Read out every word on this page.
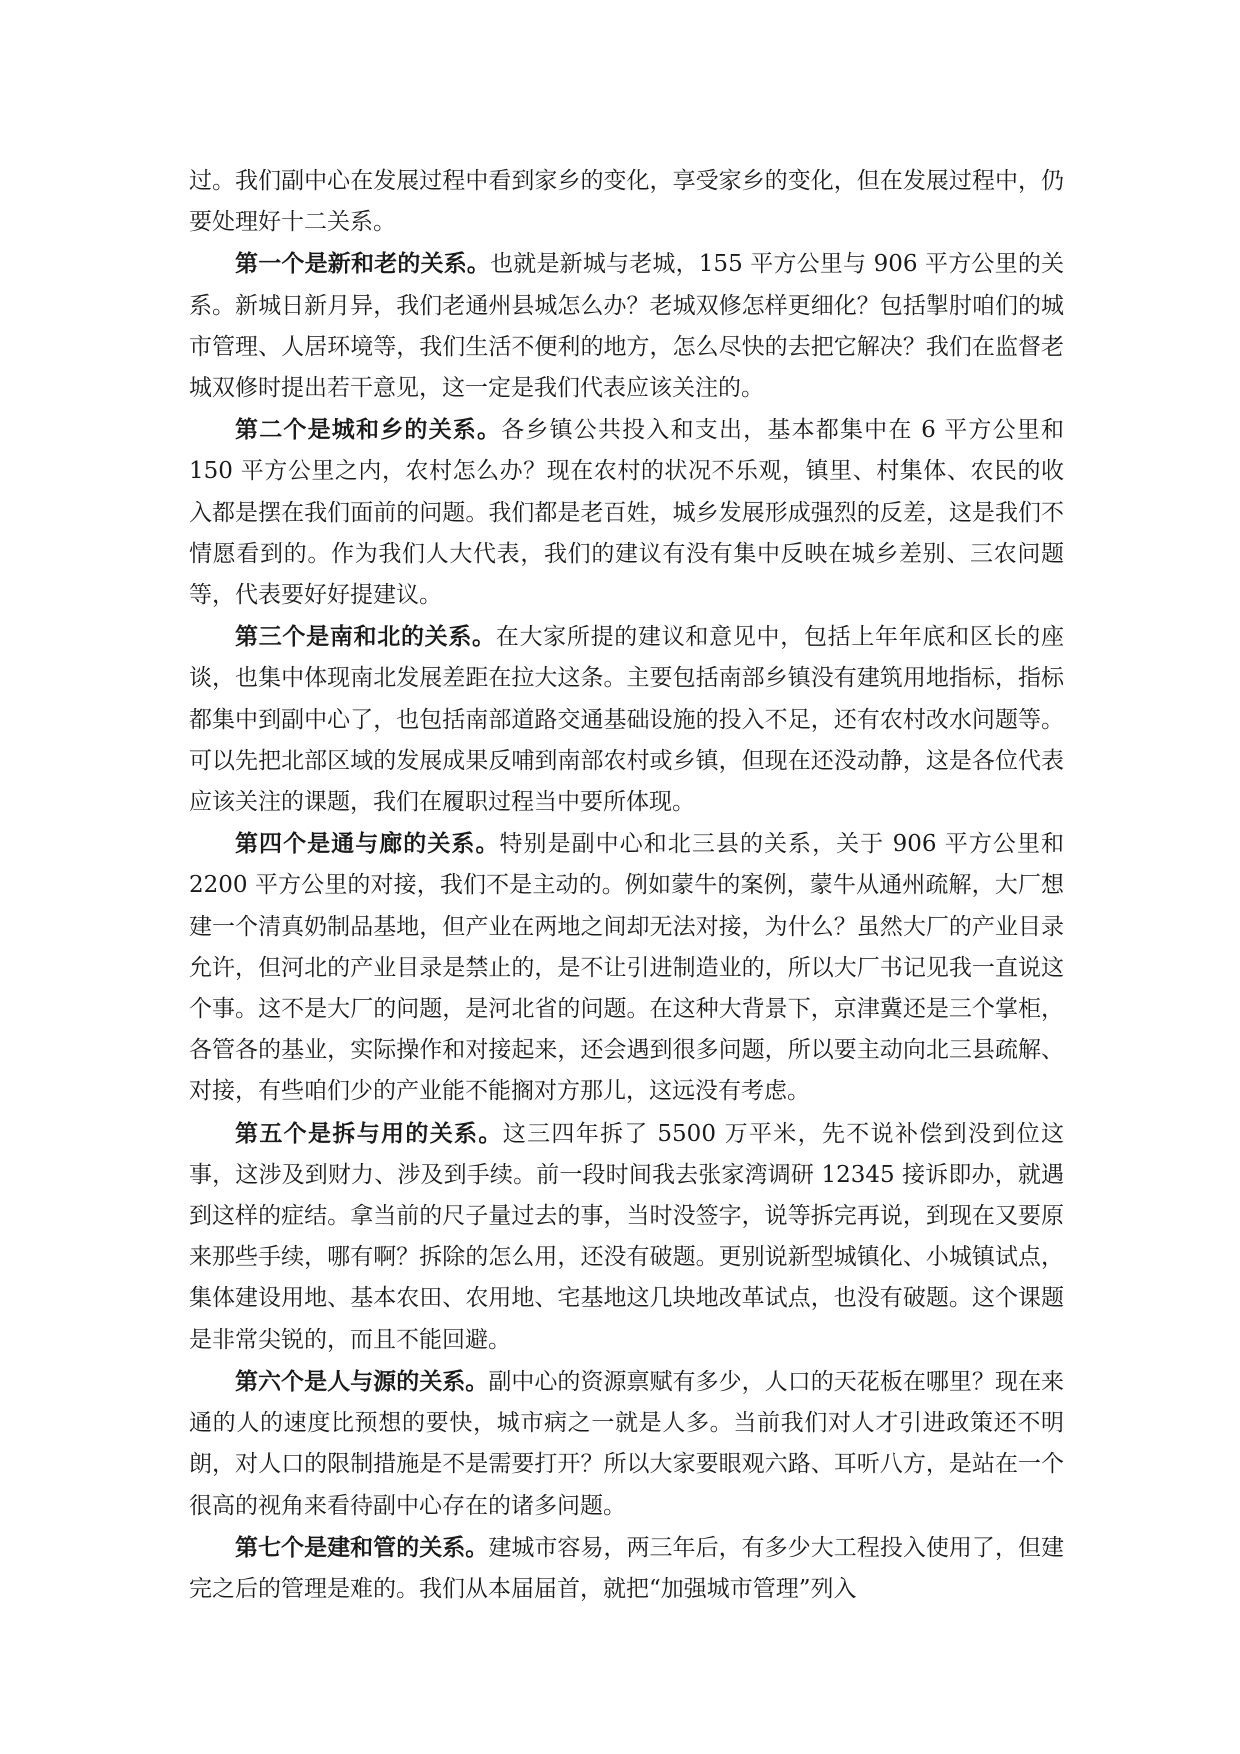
过。我们副中心在发展过程中看到家乡的变化，享受家乡的变化，但在发展过程中，仍要处理好十二关系。

第一个是新和老的关系。也就是新城与老城，155 平方公里与 906 平方公里的关系。新城日新月异，我们老通州县城怎么办？老城双修怎样更细化？包括掣肘咱们的城市管理、人居环境等，我们生活不便利的地方，怎么尽快的去把它解决？我们在监督老城双修时提出若干意见，这一定是我们代表应该关注的。

第二个是城和乡的关系。各乡镇公共投入和支出，基本都集中在 6 平方公里和 150 平方公里之内，农村怎么办？现在农村的状况不乐观，镇里、村集体、农民的收入都是摆在我们面前的问题。我们都是老百姓，城乡发展形成强烈的反差，这是我们不情愿看到的。作为我们人大代表，我们的建议有没有集中反映在城乡差别、三农问题等，代表要好好提建议。

第三个是南和北的关系。在大家所提的建议和意见中，包括上年年底和区长的座谈，也集中体现南北发展差距在拉大这条。主要包括南部乡镇没有建筑用地指标，指标都集中到副中心了，也包括南部道路交通基础设施的投入不足，还有农村改水问题等。可以先把北部区域的发展成果反哺到南部农村或乡镇，但现在还没动静，这是各位代表应该关注的课题，我们在履职过程当中要所体现。

第四个是通与廊的关系。特别是副中心和北三县的关系，关于 906 平方公里和 2200 平方公里的对接，我们不是主动的。例如蒙牛的案例，蒙牛从通州疏解，大厂想建一个清真奶制品基地，但产业在两地之间却无法对接，为什么？虽然大厂的产业目录允许，但河北的产业目录是禁止的，是不让引进制造业的，所以大厂书记见我一直说这个事。这不是大厂的问题，是河北省的问题。在这种大背景下，京津冀还是三个掌柜，各管各的基业，实际操作和对接起来，还会遇到很多问题，所以要主动向北三县疏解、对接，有些咱们少的产业能不能搁对方那儿，这远没有考虑。

第五个是拆与用的关系。这三四年拆了 5500 万平米，先不说补偿到没到位这事，这涉及到财力、涉及到手续。前一段时间我去张家湾调研 12345 接诉即办，就遇到这样的症结。拿当前的尺子量过去的事，当时没签字，说等拆完再说，到现在又要原来那些手续，哪有啊？拆除的怎么用，还没有破题。更别说新型城镇化、小城镇试点，集体建设用地、基本农田、农用地、宅基地这几块地改革试点，也没有破题。这个课题是非常尖锐的，而且不能回避。

第六个是人与源的关系。副中心的资源禀赋有多少，人口的天花板在哪里？现在来通的人的速度比预想的要快，城市病之一就是人多。当前我们对人才引进政策还不明朗，对人口的限制措施是不是需要打开？所以大家要眼观六路、耳听八方，是站在一个很高的视角来看待副中心存在的诸多问题。

第七个是建和管的关系。建城市容易，两三年后，有多少大工程投入使用了，但建完之后的管理是难的。我们从本届届首，就把“加强城市管理”列入
